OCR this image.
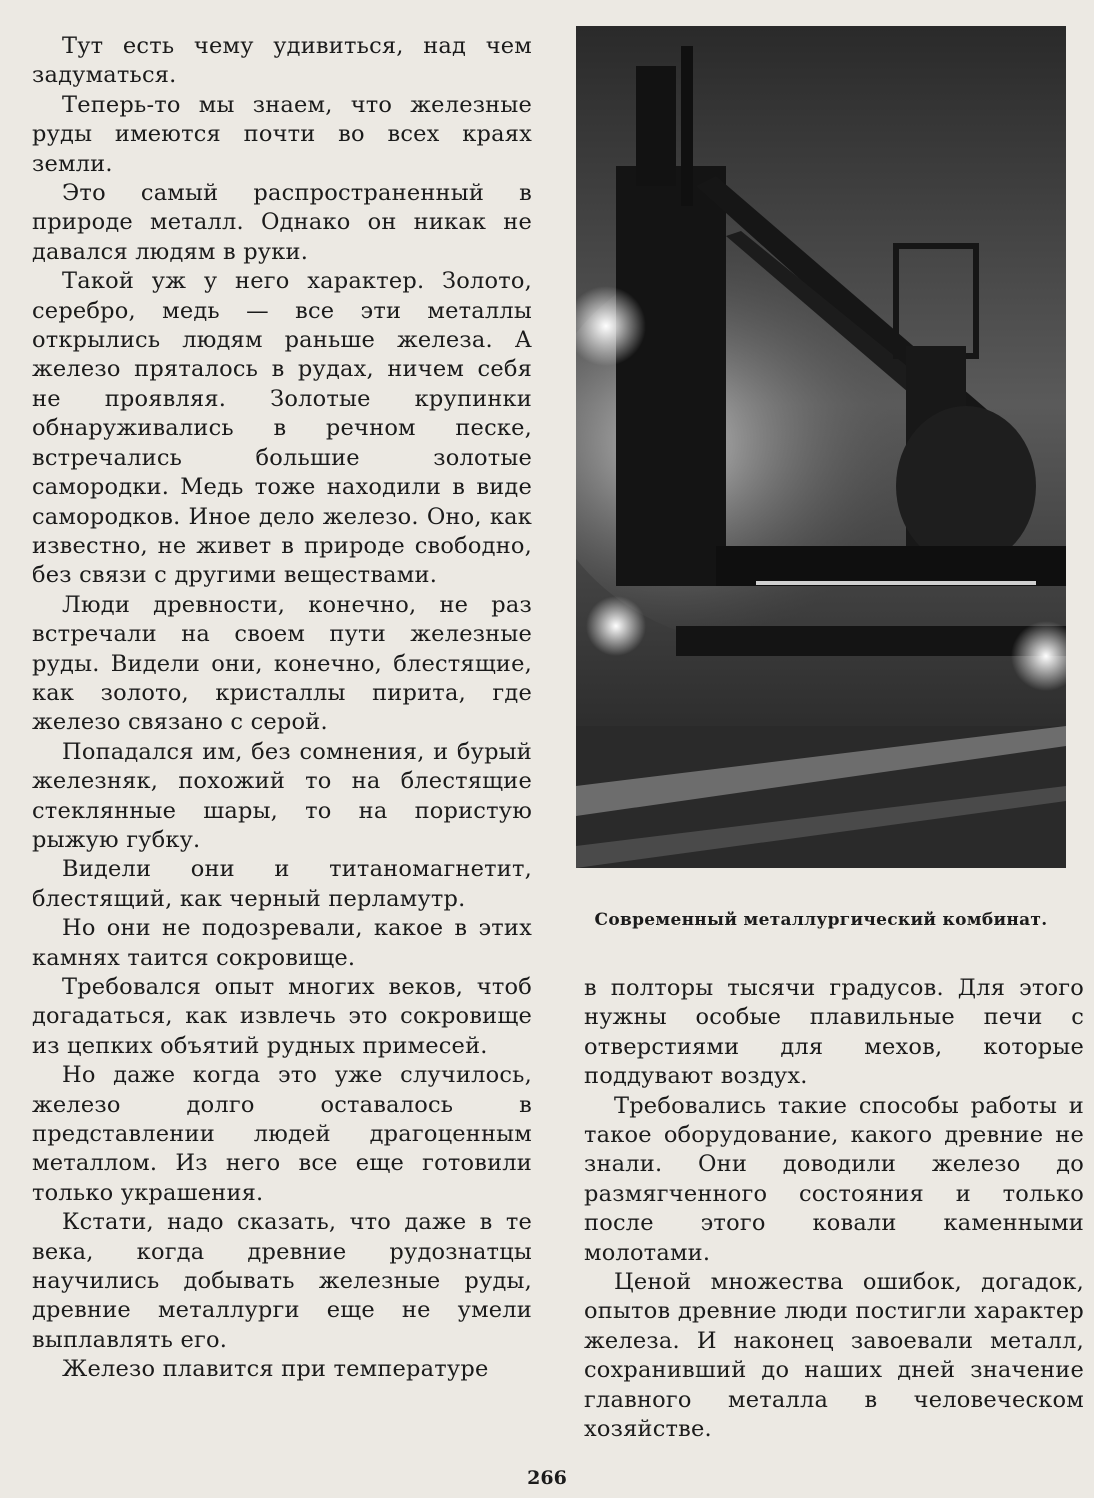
Тут есть чему удивиться, над чем задуматься.

Теперь-то мы знаем, что железные руды имеются почти во всех краях земли.

Это самый распространенный в природе металл. Однако он никак не давался людям в руки.

Такой уж у него характер. Золото, серебро, медь — все эти металлы открылись людям раньше железа. А железо пряталось в рудах, ничем себя не проявляя. Золотые крупинки обнаруживались в речном песке, встречались большие золотые самородки. Медь тоже находили в виде самородков. Иное дело железо. Оно, как известно, не живет в природе свободно, без связи с другими веществами.

Люди древности, конечно, не раз встречали на своем пути железные руды. Видели они, конечно, блестящие, как золото, кристаллы пирита, где железо связано с серой.

Попадался им, без сомнения, и бурый железняк, похожий то на блестящие стеклянные шары, то на пористую рыжую губку.

Видели они и титаномагнетит, блестящий, как черный перламутр.

Но они не подозревали, какое в этих камнях таится сокровище.

Требовался опыт многих веков, чтоб догадаться, как извлечь это сокровище из цепких объятий рудных примесей.

Но даже когда это уже случилось, железо долго оставалось в представлении людей драгоценным металлом. Из него все еще готовили только украшения.

Кстати, надо сказать, что даже в те века, когда древние рудознатцы научились добывать железные руды, древние металлурги еще не умели выплавлять его.

Железо плавится при температуре

Современный металлургический комбинат.

в полторы тысячи градусов. Для этого нужны особые плавильные печи с отверстиями для мехов, которые поддувают воздух.

Требовались такие способы работы и такое оборудование, какого древние не знали. Они доводили железо до размягченного состояния и только после этого ковали каменными молотами.

Ценой множества ошибок, догадок, опытов древние люди постигли характер железа. И наконец завоевали металл, сохранивший до наших дней значение главного металла в человеческом хозяйстве.

266
